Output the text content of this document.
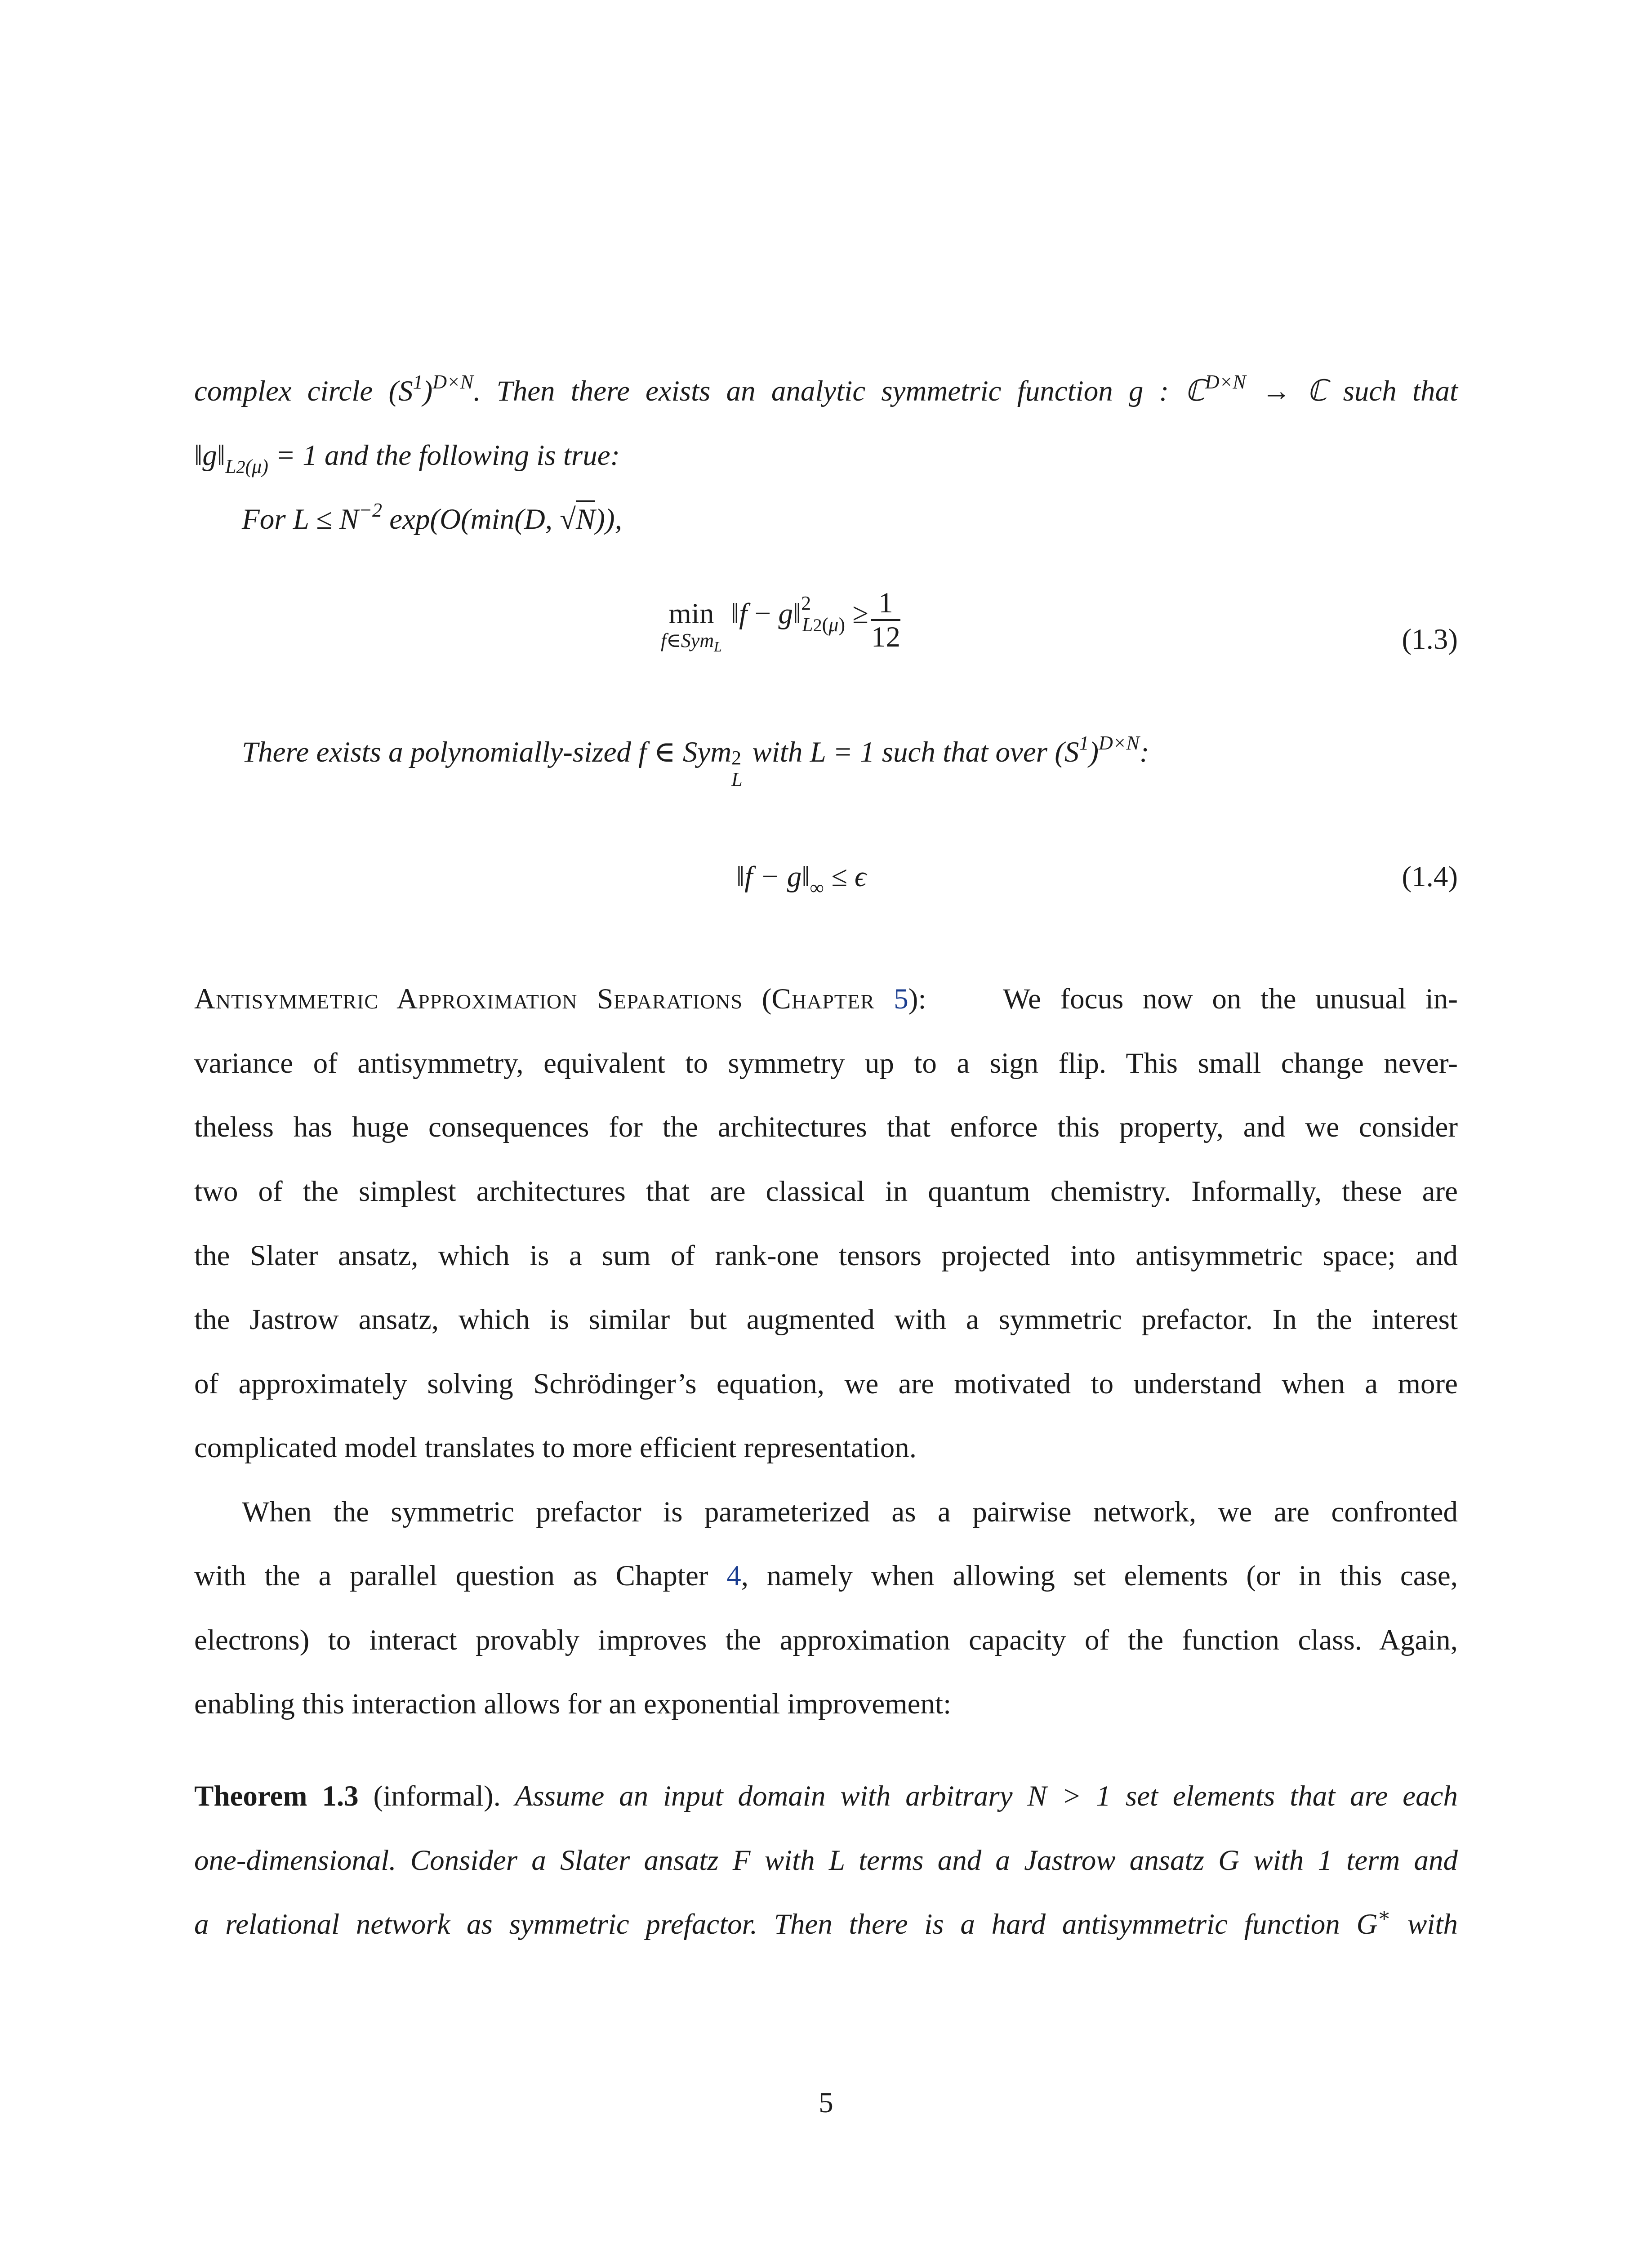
complex circle $(S^1)^{D\times N}$. Then there exists an analytic symmetric function g : ℂ$^{D\times N}$ → ℂ such that
$‖g‖_{L2(\mu)} = 1$ and the following is true:
For $L \le N^{-2}$ exp(O(min(D, √N)),
min
f∈Sym$_L$
‖f − g‖$^2_{L2(\mu)}$ ≥ $\frac{1}{12}$	(1.3)
There exists a polynomially-sized f ∈ Sym 2
L
with L = 1 such that over $(S^1)^{D\times N}$:
‖f − $g‖_\infty \le \epsilon$	(1.4)
Antisymmetric Approximation Separations (Chapter 5):	We focus now on the unusual in-
variance of antisymmetry, equivalent to symmetry up to a sign flip. This small change never-
theless has huge consequences for the architectures that enforce this property, and we consider
two of the simplest architectures that are classical in quantum chemistry. Informally, these are
the Slater ansatz, which is a sum of rank-one tensors projected into antisymmetric space; and
the Jastrow ansatz, which is similar but augmented with a symmetric prefactor. In the interest
of approximately solving Schrödinger’s equation, we are motivated to understand when a more
complicated model translates to more efficient representation.
When the symmetric prefactor is parameterized as a pairwise network, we are confronted
with the a parallel question as Chapter 4, namely when allowing set elements (or in this case,
electrons) to interact provably improves the approximation capacity of the function class. Again,
enabling this interaction allows for an exponential improvement:
Theorem 1.3 (informal). Assume an input domain with arbitrary N > 1 set elements that are each
one-dimensional. Consider a Slater ansatz F with L terms and a Jastrow ansatz G with 1 term and
a relational network as symmetric prefactor. Then there is a hard antisymmetric function G∗ with
5
